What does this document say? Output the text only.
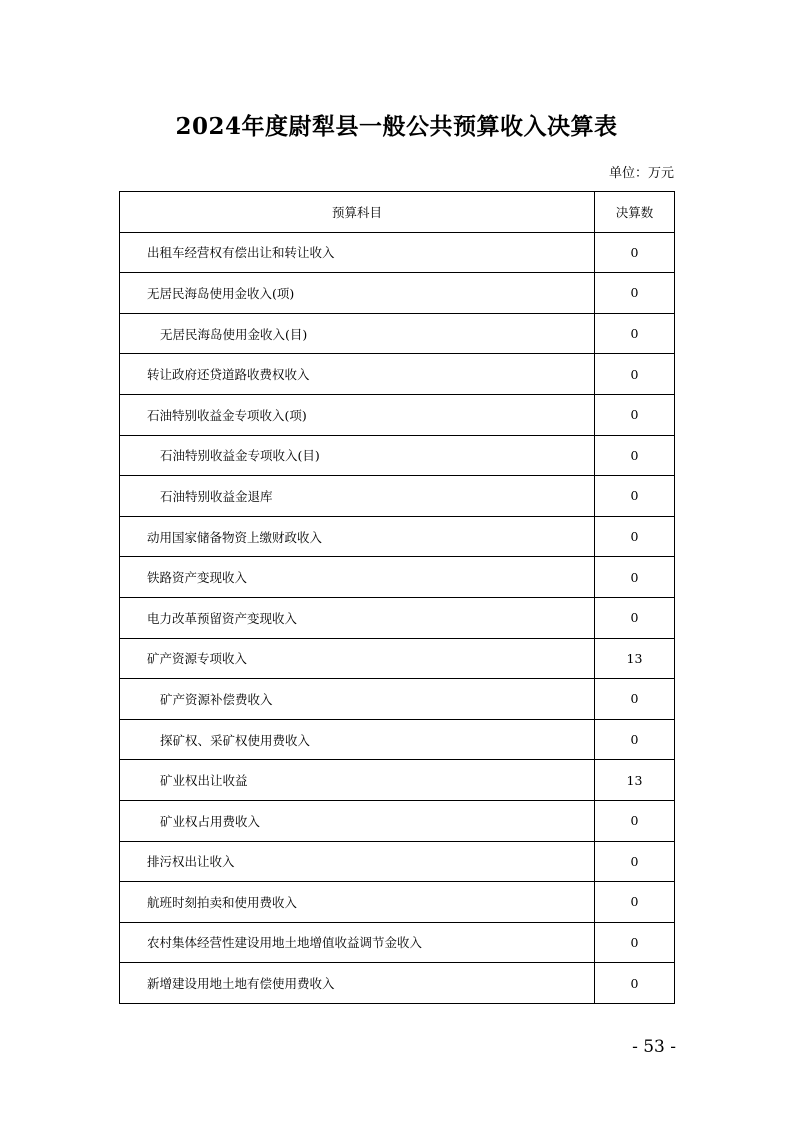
2024年度尉犁县一般公共预算收入决算表
单位：万元
预算科目	决算数
出租车经营权有偿出让和转让收入	0
无居民海岛使用金收入(项)	0
无居民海岛使用金收入(目)	0
转让政府还贷道路收费权收入	0
石油特别收益金专项收入(项)	0
石油特别收益金专项收入(目)	0
石油特别收益金退库	0
动用国家储备物资上缴财政收入	0
铁路资产变现收入	0
电力改革预留资产变现收入	0
矿产资源专项收入	13
矿产资源补偿费收入	0
探矿权、采矿权使用费收入	0
矿业权出让收益	13
矿业权占用费收入	0
排污权出让收入	0
航班时刻拍卖和使用费收入	0
农村集体经营性建设用地土地增值收益调节金收入	0
新增建设用地土地有偿使用费收入	0
- 53 -
